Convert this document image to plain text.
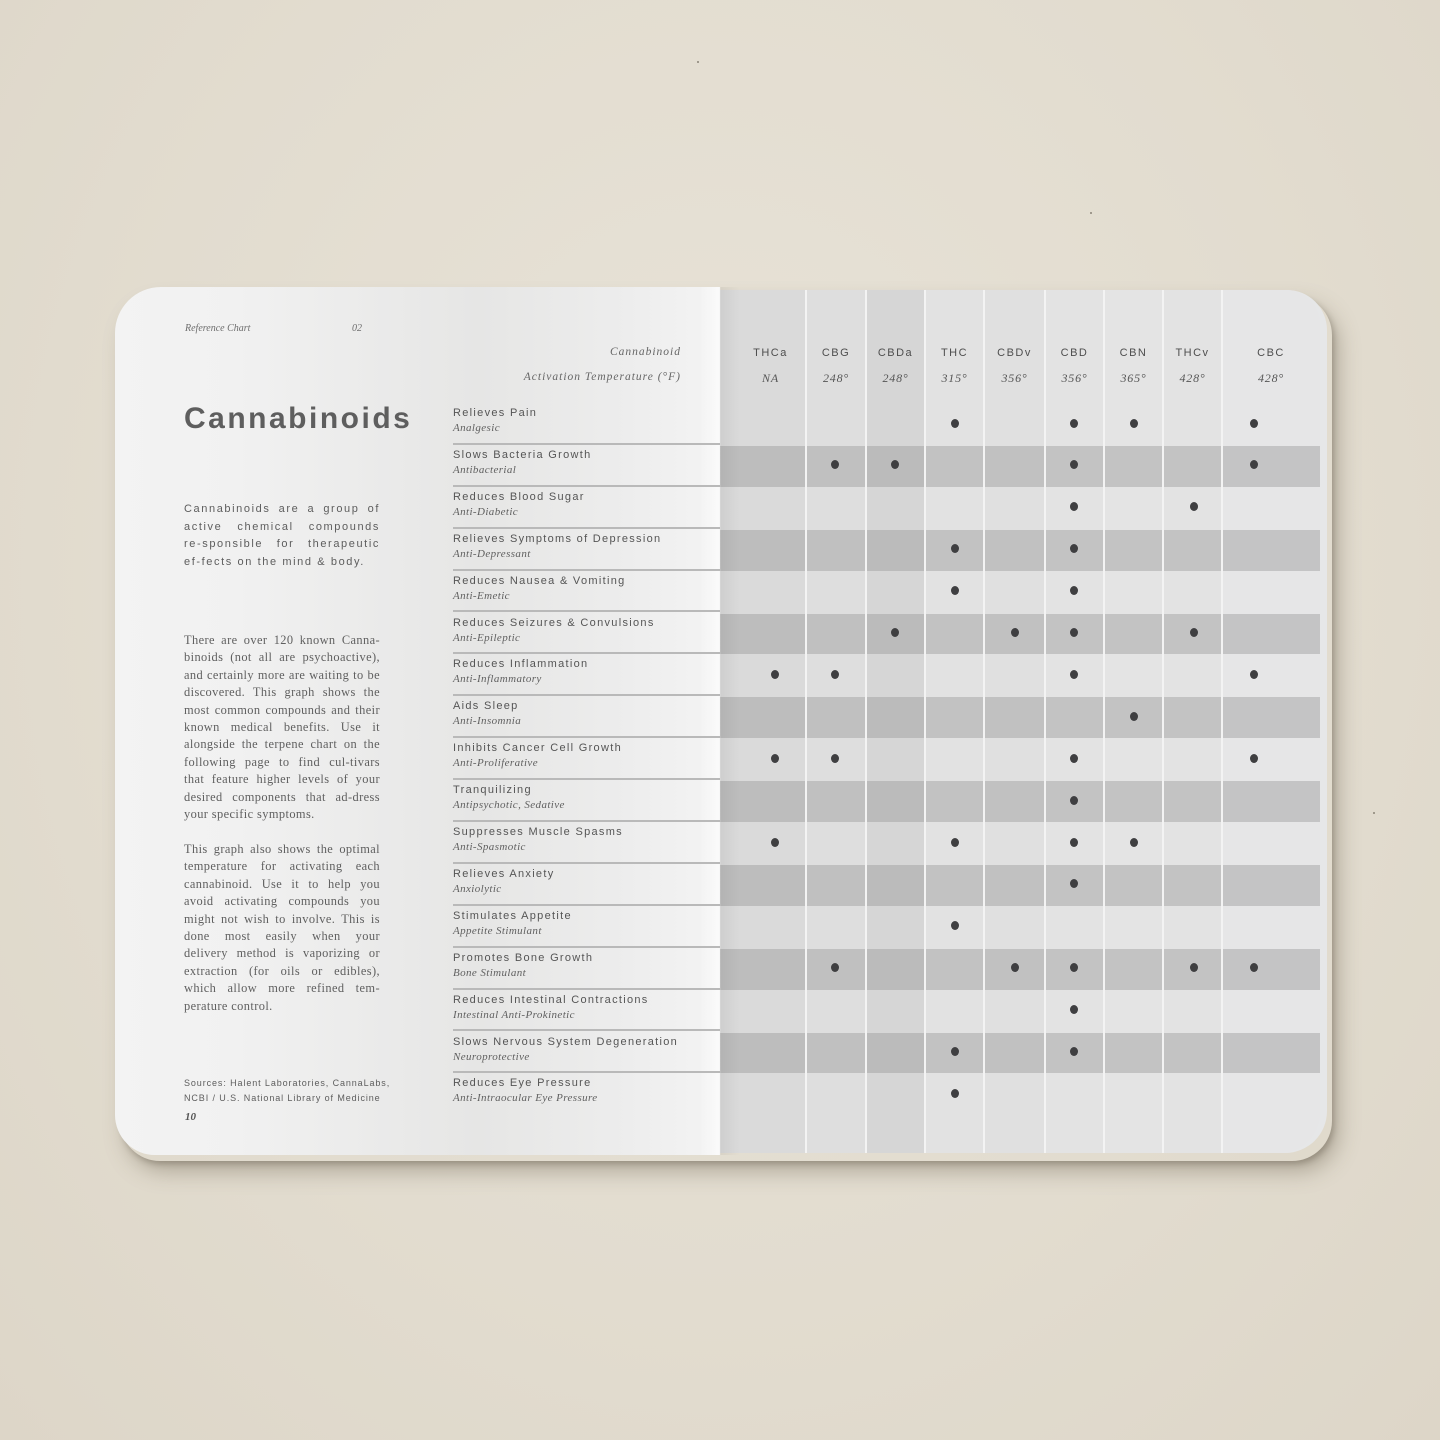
Reference Chart	02
Cannabinoids
Cannabinoids are a group of active chemical compounds re-sponsible for therapeutic ef-fects on the mind & body.
There are over 120 known Canna-binoids (not all are psychoactive), and certainly more are waiting to be discovered. This graph shows the most common compounds and their known medical benefits. Use it alongside the terpene chart on the following page to find cul-tivars that feature higher levels of your desired components that ad-dress your specific symptoms.
This graph also shows the optimal temperature for activating each cannabinoid. Use it to help you avoid activating compounds you might not wish to involve. This is done most easily when your delivery method is vaporizing or extraction (for oils or edibles), which allow more refined tem-perature control.
Sources: Halent Laboratories, CannaLabs, NCBI / U.S. National Library of Medicine
10
Cannabinoid
Activation Temperature (°F)
THCa
NA
CBG
248°
CBDa
248°
THC
315°
CBDv
356°
CBD
356°
CBN
365°
THCv
428°
CBC
428°
Relieves Pain
Analgesic
Slows Bacteria Growth
Antibacterial
Reduces Blood Sugar
Anti-Diabetic
Relieves Symptoms of Depression
Anti-Depressant
Reduces Nausea & Vomiting
Anti-Emetic
Reduces Seizures & Convulsions
Anti-Epileptic
Reduces Inflammation
Anti-Inflammatory
Aids Sleep
Anti-Insomnia
Inhibits Cancer Cell Growth
Anti-Proliferative
Tranquilizing
Antipsychotic, Sedative
Suppresses Muscle Spasms
Anti-Spasmotic
Relieves Anxiety
Anxiolytic
Stimulates Appetite
Appetite Stimulant
Promotes Bone Growth
Bone Stimulant
Reduces Intestinal Contractions
Intestinal Anti-Prokinetic
Slows Nervous System Degeneration
Neuroprotective
Reduces Eye Pressure
Anti-Intraocular Eye Pressure
